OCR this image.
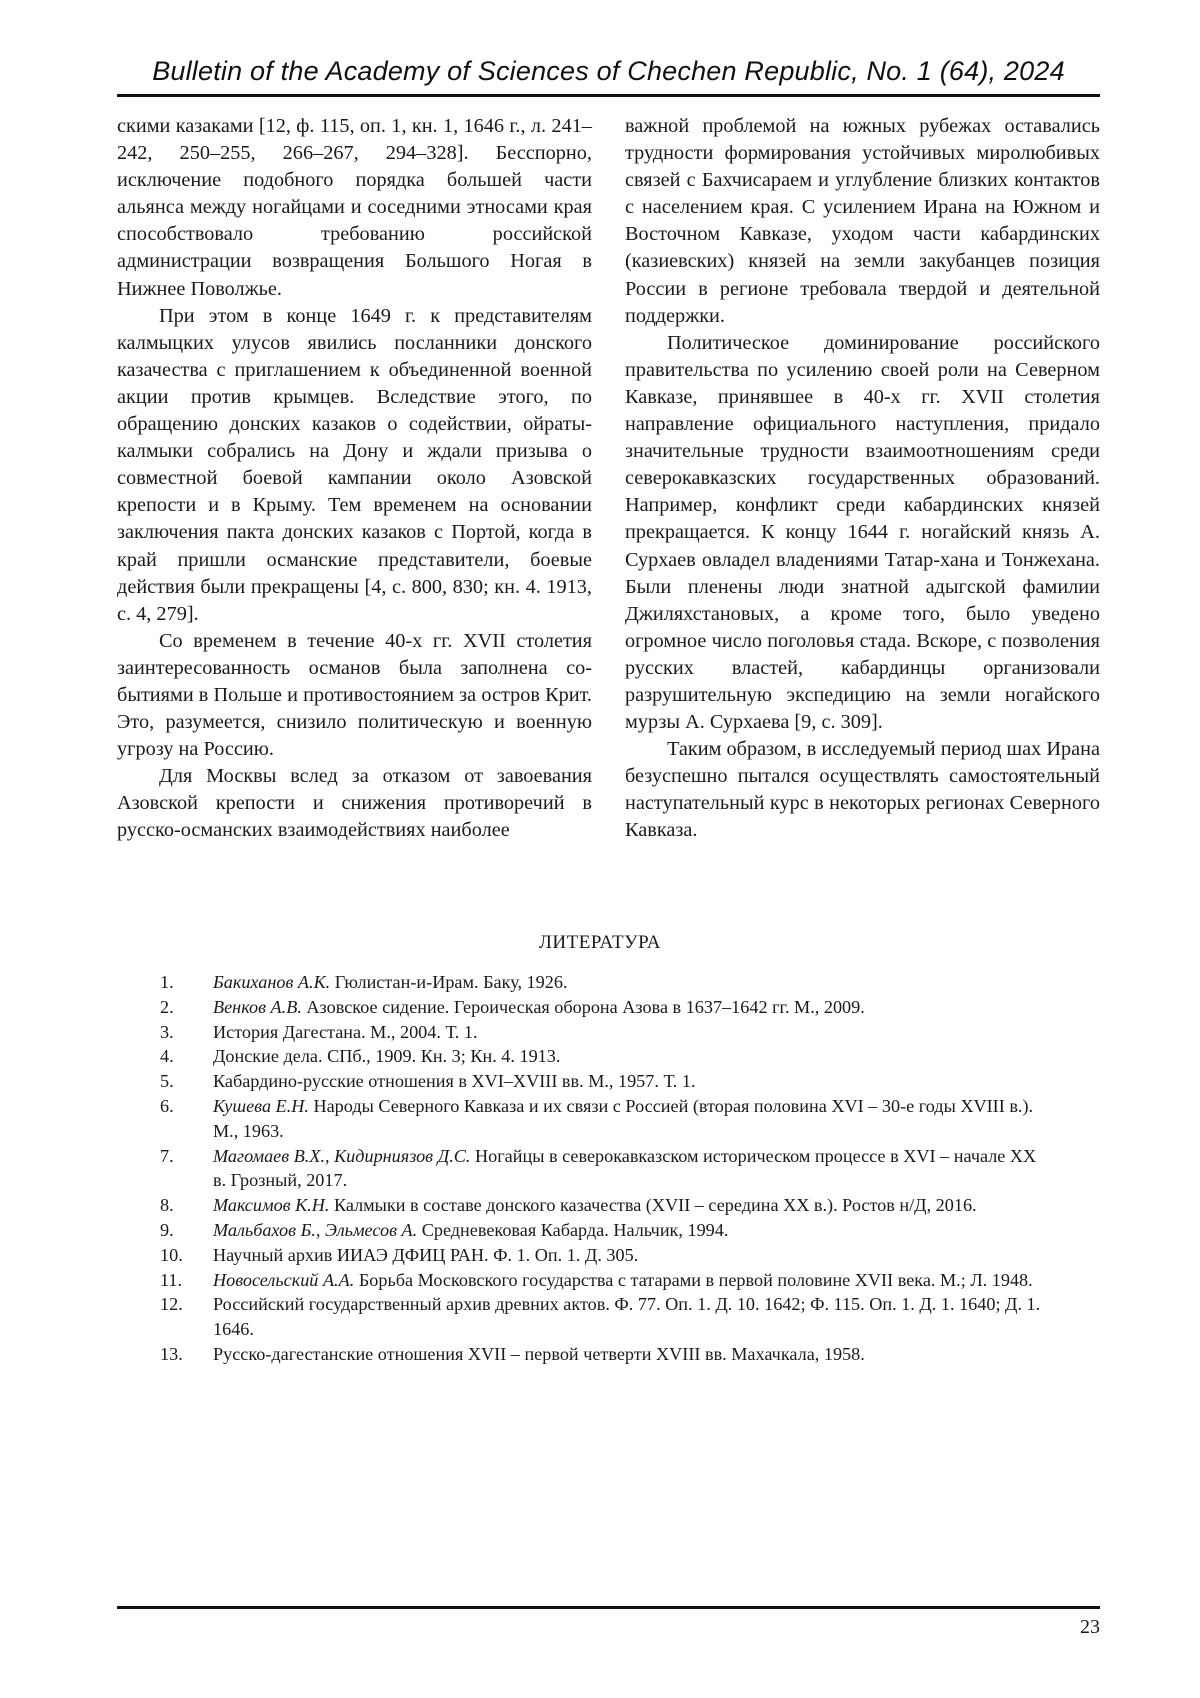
Bulletin of the Academy of Sciences of Chechen Republic, No. 1 (64), 2024

скими казаками [12, ф. 115, оп. 1, кн. 1, 1646 г., л. 241–242, 250–255, 266–267, 294–328]. Бесспорно, исключение подобного порядка большей части альянса между ногайцами и соседними этносами края способствовало требованию российской администрации возвращения Большого Ногая в Нижнее Поволжье.

При этом в конце 1649 г. к представителям калмыцких улусов явились посланники донского казачества с приглашением к объединенной военной акции против крымцев. Вследствие этого, по обращению донских казаков о содействии, ойраты-калмыки собрались на Дону и ждали призыва о совместной боевой кампании около Азовской крепости и в Крыму. Тем временем на основании заключения пакта донских казаков с Портой, когда в край пришли османские представители, боевые действия были прекращены [4, с. 800, 830; кн. 4. 1913, с. 4, 279].

Со временем в течение 40-х гг. XVII столетия заинтересованность османов была заполнена событиями в Польше и противостоянием за остров Крит. Это, разумеется, снизило политическую и военную угрозу на Россию.

Для Москвы вслед за отказом от завоевания Азовской крепости и снижения противоречий в русско-османских взаимодействиях наиболее

важной проблемой на южных рубежах оставались трудности формирования устойчивых миролюбивых связей с Бахчисараем и углубление близких контактов с населением края. С усилением Ирана на Южном и Восточном Кавказе, уходом части кабардинских (казиевских) князей на земли закубанцев позиция России в регионе требовала твердой и деятельной поддержки.

Политическое доминирование российского правительства по усилению своей роли на Северном Кавказе, принявшее в 40-х гг. XVII столетия направление официального наступления, придало значительные трудности взаимоотношениям среди северокавказских государственных образований. Например, конфликт среди кабардинских князей прекращается. К концу 1644 г. ногайский князь А. Сурхаев овладел владениями Татар-хана и Тонжехана. Были пленены люди знатной адыгской фамилии Джиляхстановых, а кроме того, было уведено огромное число поголовья стада. Вскоре, с позволения русских властей, кабардинцы организовали разрушительную экспедицию на земли ногайского мурзы А. Сурхаева [9, с. 309].

Таким образом, в исследуемый период шах Ирана безуспешно пытался осуществлять самостоятельный наступательный курс в некоторых регионах Северного Кавказа.

ЛИТЕРАТУРА
1.	Бакиханов А.К. Гюлистан-и-Ирам. Баку, 1926.
2.	Венков А.В. Азовское сидение. Героическая оборона Азова в 1637–1642 гг. М., 2009.
3.	История Дагестана. М., 2004. Т. 1.
4.	Донские дела. СПб., 1909. Кн. 3; Кн. 4. 1913.
5.	Кабардино-русские отношения в XVI–XVIII вв. М., 1957. Т. 1.
6.	Кушева Е.Н. Народы Северного Кавказа и их связи с Россией (вторая половина XVI – 30-е годы XVIII в.). М., 1963.
7.	Магомаев В.Х., Кидирниязов Д.С. Ногайцы в северокавказском историческом процессе в XVI – начале XX в. Грозный, 2017.
8.	Максимов К.Н. Калмыки в составе донского казачества (XVII – середина XX в.). Ростов н/Д, 2016.
9.	Мальбахов Б., Эльмесов А. Средневековая Кабарда. Нальчик, 1994.
10.	Научный архив ИИАЭ ДФИЦ РАН. Ф. 1. Оп. 1. Д. 305.
11.	Новосельский А.А. Борьба Московского государства с татарами в первой половине XVII века. М.; Л. 1948.
12.	Российский государственный архив древних актов. Ф. 77. Оп. 1. Д. 10. 1642; Ф. 115. Оп. 1. Д. 1. 1640; Д. 1. 1646.
13.	Русско-дагестанские отношения XVII – первой четверти XVIII вв. Махачкала, 1958.
23
